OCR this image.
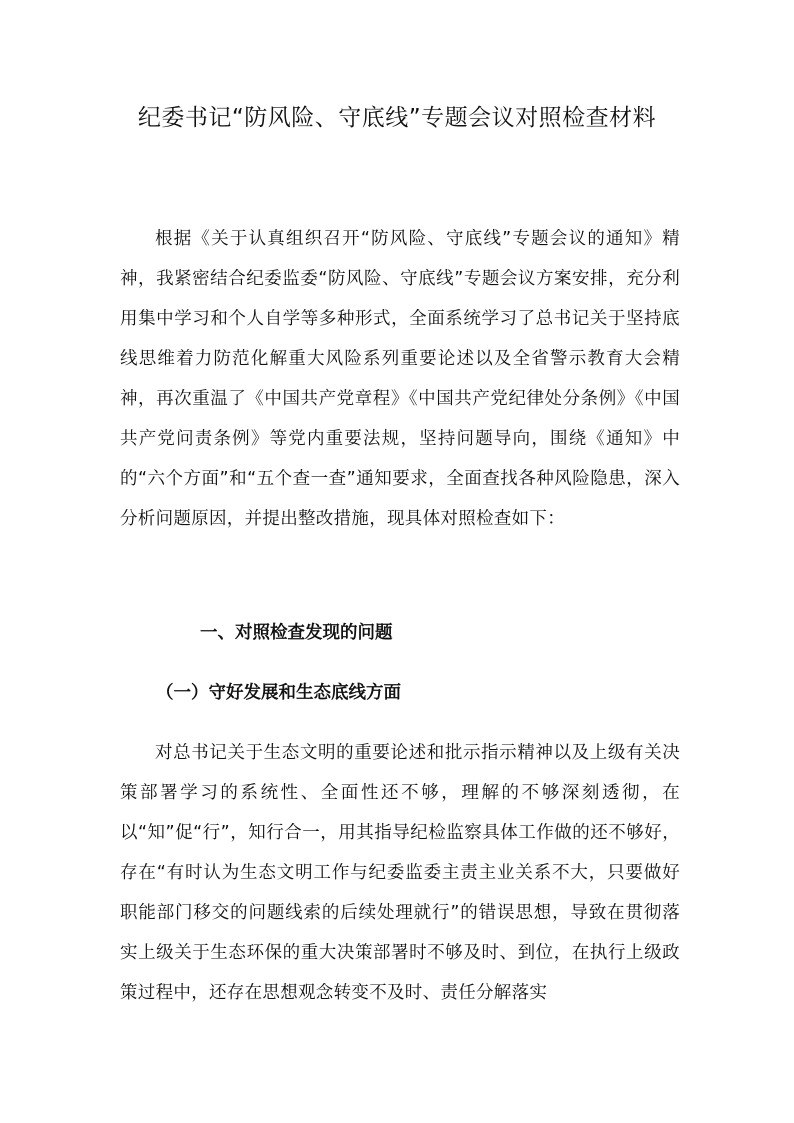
纪委书记“防风险、守底线”专题会议对照检查材料
根据《关于认真组织召开“防风险、守底线”专题会议的通知》精神，我紧密结合纪委监委“防风险、守底线”专题会议方案安排，充分利用集中学习和个人自学等多种形式，全面系统学习了总书记关于坚持底线思维着力防范化解重大风险系列重要论述以及全省警示教育大会精神，再次重温了《中国共产党章程》《中国共产党纪律处分条例》《中国共产党问责条例》等党内重要法规，坚持问题导向，围绕《通知》中的“六个方面”和“五个查一查”通知要求，全面查找各种风险隐患，深入分析问题原因，并提出整改措施，现具体对照检查如下：
一、对照检查发现的问题
（一）守好发展和生态底线方面
对总书记关于生态文明的重要论述和批示指示精神以及上级有关决策部署学习的系统性、全面性还不够，理解的不够深刻透彻，在以“知”促“行”，知行合一，用其指导纪检监察具体工作做的还不够好，存在“有时认为生态文明工作与纪委监委主责主业关系不大，只要做好职能部门移交的问题线索的后续处理就行”的错误思想，导致在贯彻落实上级关于生态环保的重大决策部署时不够及时、到位，在执行上级政策过程中，还存在思想观念转变不及时、责任分解落实
